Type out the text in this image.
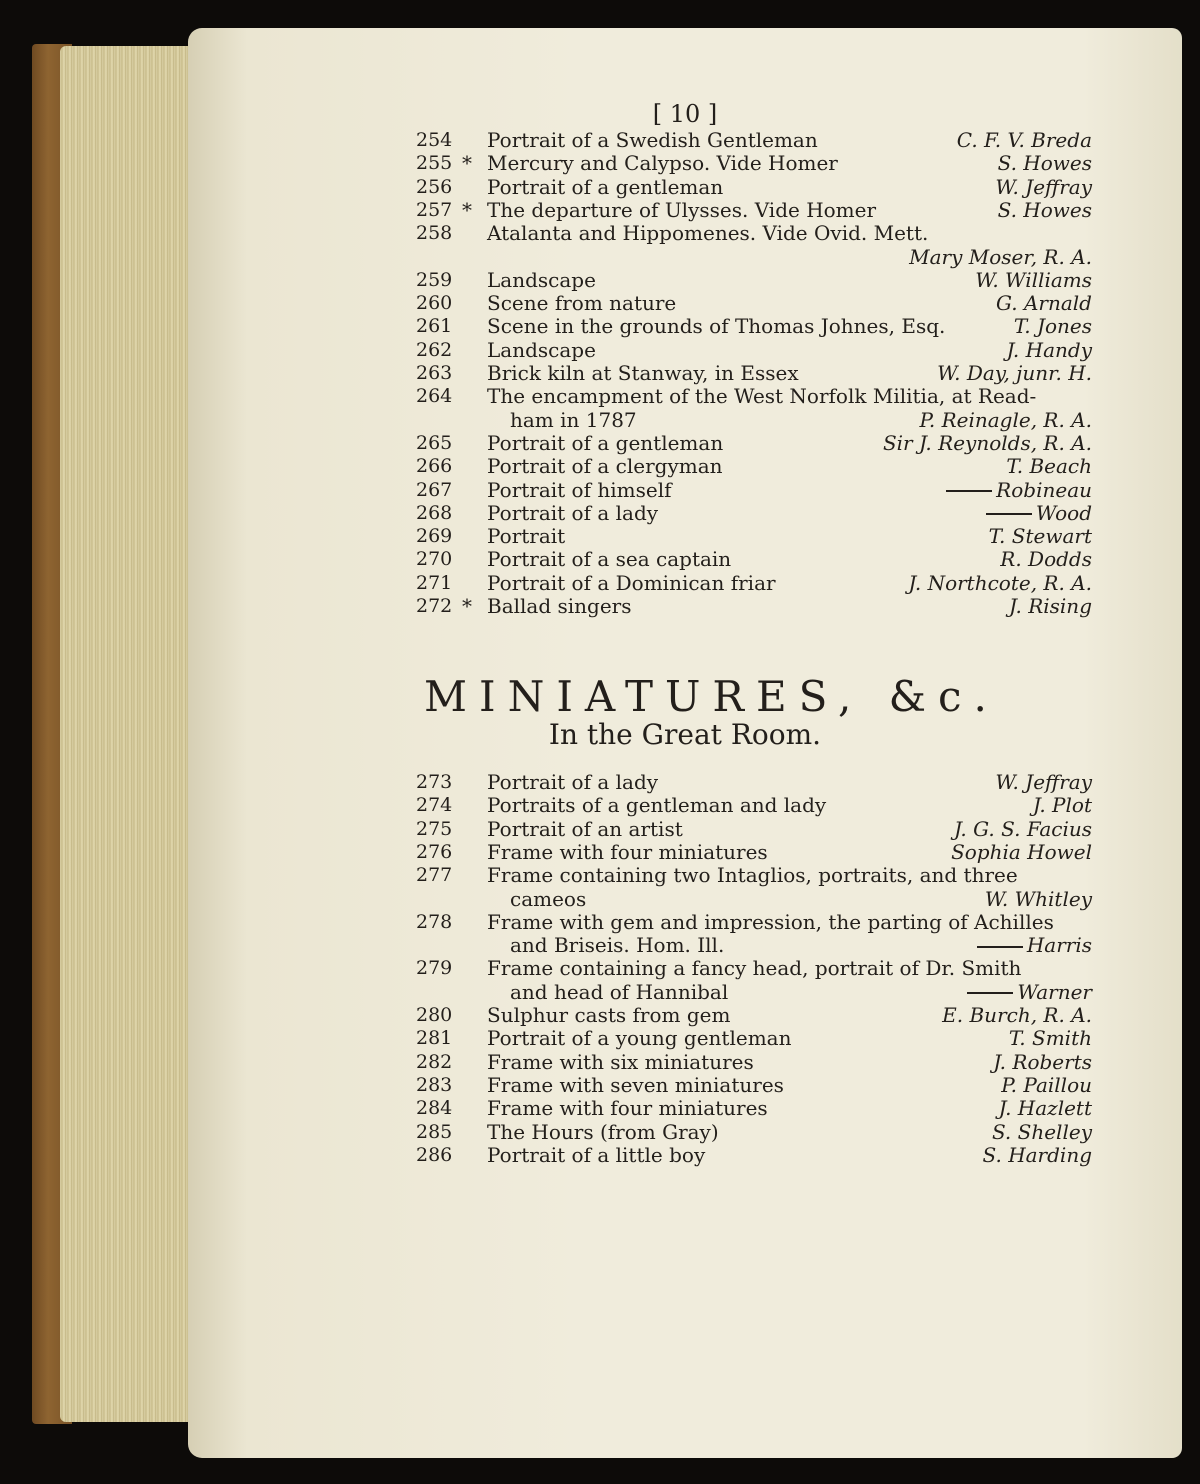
[ 10 ]
254 Portrait of a Swedish Gentleman	C. F. V. Breda
255 * Mercury and Calypso. Vide Homer	S. Howes
256 Portrait of a gentleman	W. Jeffray
257 * The departure of Ulysses. Vide Homer	S. Howes
258 Atalanta and Hippomenes. Vide Ovid. Mett.
Mary Moser, R. A.
259 Landscape	W. Williams
260 Scene from nature	G. Arnald
261 Scene in the grounds of Thomas Johnes, Esq.	T. Jones
262 Landscape	J. Handy
263 Brick kiln at Stanway, in Essex	W. Day, junr. H.
264 The encampment of the West Norfolk Militia, at Read-
ham in 1787	P. Reinagle, R. A.
265 Portrait of a gentleman	Sir J. Reynolds, R. A.
266 Portrait of a clergyman	T. Beach
267 Portrait of himself	Robineau
268 Portrait of a lady	Wood
269 Portrait	T. Stewart
270 Portrait of a sea captain	R. Dodds
271 Portrait of a Dominican friar	J. Northcote, R. A.
272 * Ballad singers	J. Rising
MINIATURES, &c.
In the Great Room.
273 Portrait of a lady	W. Jeffray
274 Portraits of a gentleman and lady	J. Plot
275 Portrait of an artist	J. G. S. Facius
276 Frame with four miniatures	Sophia Howel
277 Frame containing two Intaglios, portraits, and three
cameos	W. Whitley
278 Frame with gem and impression, the parting of Achilles
and Briseis. Hom. Ill.	Harris
279 Frame containing a fancy head, portrait of Dr. Smith
and head of Hannibal	Warner
280 Sulphur casts from gem	E. Burch, R. A.
281 Portrait of a young gentleman	T. Smith
282 Frame with six miniatures	J. Roberts
283 Frame with seven miniatures	P. Paillou
284 Frame with four miniatures	J. Hazlett
285 The Hours (from Gray)	S. Shelley
286 Portrait of a little boy	S. Harding
